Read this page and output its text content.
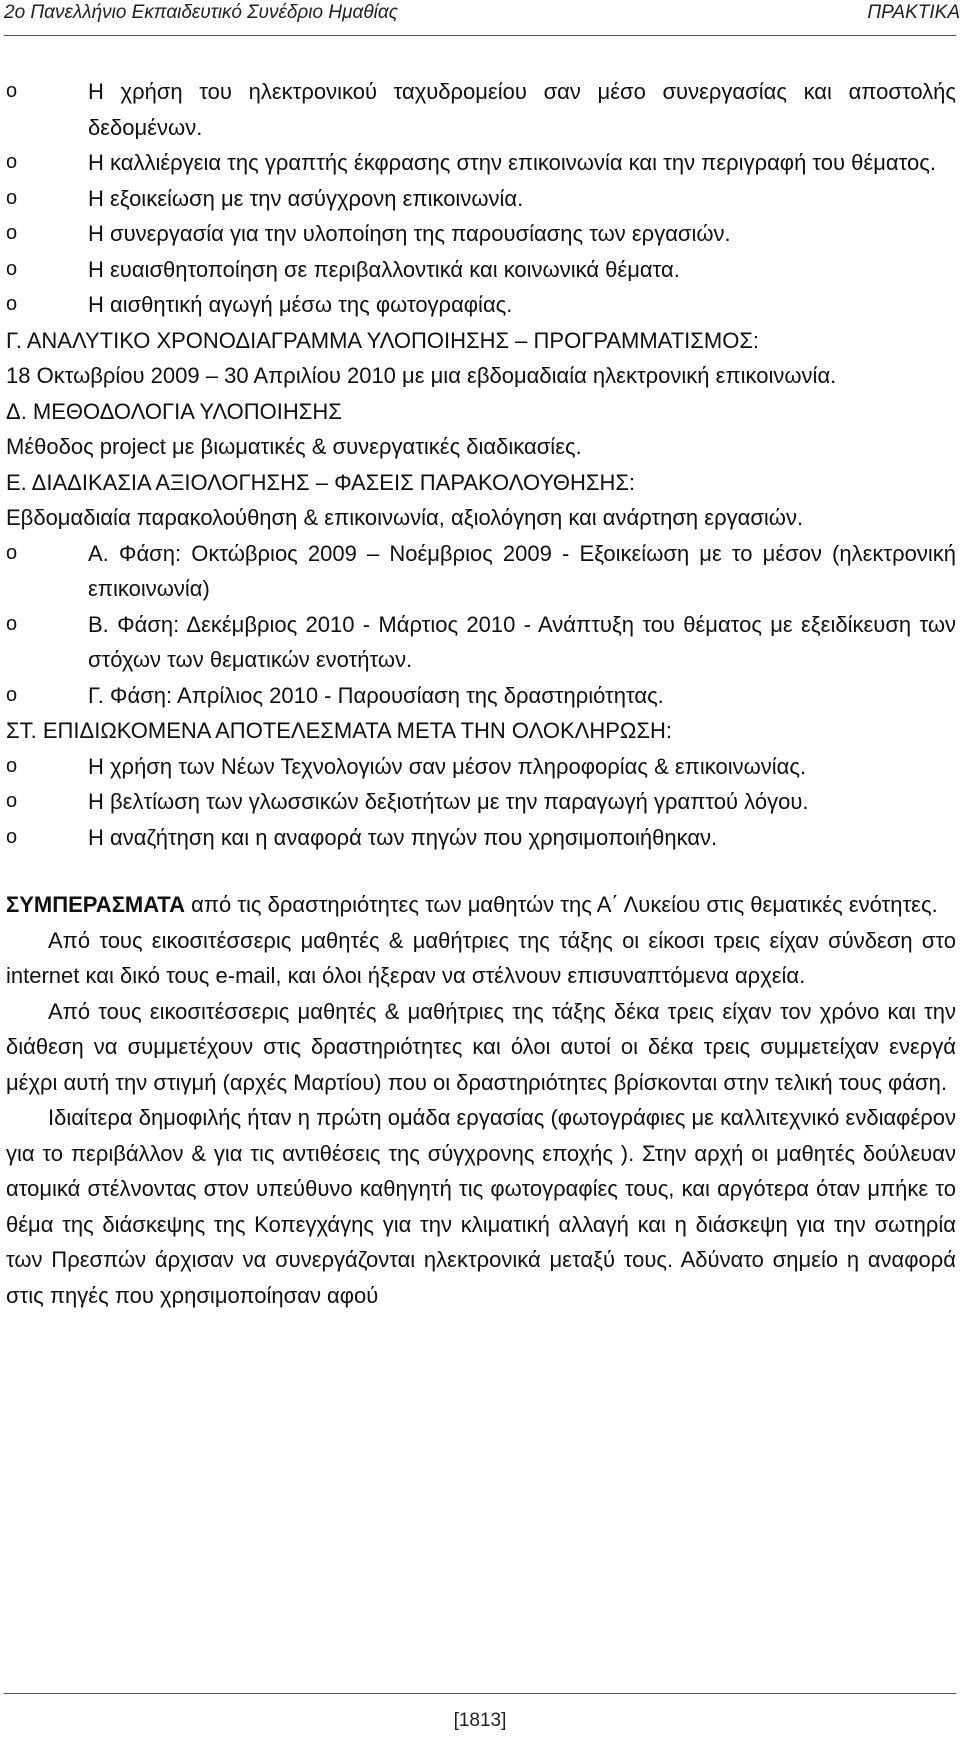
2ο Πανελλήνιο Εκπαιδευτικό Συνέδριο Ημαθίας	ΠΡΑΚΤΙΚΑ
o Η χρήση του ηλεκτρονικού ταχυδρομείου σαν μέσο συνεργασίας και αποστολής δεδομένων.
o Η καλλιέργεια της γραπτής έκφρασης στην επικοινωνία και την περιγραφή του θέματος.
o Η εξοικείωση με την ασύγχρονη επικοινωνία.
o Η συνεργασία για την υλοποίηση της παρουσίασης των εργασιών.
o Η ευαισθητοποίηση σε περιβαλλοντικά και κοινωνικά θέματα.
o Η αισθητική αγωγή μέσω της φωτογραφίας.

Γ. ΑΝΑΛΥΤΙΚΟ ΧΡΟΝΟΔΙΑΓΡΑΜΜΑ ΥΛΟΠΟΙΗΣΗΣ – ΠΡΟΓΡΑΜΜΑΤΙΣΜΟΣ:

18 Οκτωβρίου 2009 – 30 Απριλίου 2010 με μια εβδομαδιαία ηλεκτρονική επικοινωνία.

Δ. ΜΕΘΟΔΟΛΟΓΙΑ ΥΛΟΠΟΙΗΣΗΣ

Μέθοδος project με βιωματικές & συνεργατικές διαδικασίες.

Ε. ΔΙΑΔΙΚΑΣΙΑ ΑΞΙΟΛΟΓΗΣΗΣ – ΦΑΣΕΙΣ ΠΑΡΑΚΟΛΟΥΘΗΣΗΣ:

Εβδομαδιαία παρακολούθηση & επικοινωνία, αξιολόγηση και ανάρτηση εργασιών.

o Α. Φάση: Οκτώβριος 2009 – Νοέμβριος 2009 - Εξοικείωση με το μέσον (ηλεκτρονική επικοινωνία)
o Β. Φάση: Δεκέμβριος 2010 - Μάρτιος 2010 - Ανάπτυξη του θέματος με εξειδίκευση των στόχων των θεματικών ενοτήτων.
o Γ. Φάση: Απρίλιος 2010 - Παρουσίαση της δραστηριότητας.

ΣΤ. ΕΠΙΔΙΩΚΟΜΕΝΑ ΑΠΟΤΕΛΕΣΜΑΤΑ ΜΕΤΑ ΤΗΝ ΟΛΟΚΛΗΡΩΣΗ:

o Η χρήση των Νέων Τεχνολογιών σαν μέσον πληροφορίας & επικοινωνίας.
o Η βελτίωση των γλωσσικών δεξιοτήτων με την παραγωγή γραπτού λόγου.
o Η αναζήτηση και η αναφορά των πηγών που χρησιμοποιήθηκαν.

ΣΥΜΠΕΡΑΣΜΑΤΑ από τις δραστηριότητες των μαθητών της Α΄ Λυκείου στις θεματικές ενότητες.

Από τους εικοσιτέσσερις μαθητές & μαθήτριες της τάξης οι είκοσι τρεις είχαν σύνδεση στο internet και δικό τους e-mail, και όλοι ήξεραν να στέλνουν επισυναπτόμενα αρχεία.

Από τους εικοσιτέσσερις μαθητές & μαθήτριες της τάξης δέκα τρεις είχαν τον χρόνο και την διάθεση να συμμετέχουν στις δραστηριότητες και όλοι αυτοί οι δέκα τρεις συμμετείχαν ενεργά μέχρι αυτή την στιγμή (αρχές Μαρτίου) που οι δραστηριότητες βρίσκονται στην τελική τους φάση.

Ιδιαίτερα δημοφιλής ήταν η πρώτη ομάδα εργασίας (φωτογράφιες με καλλιτεχνικό ενδιαφέρον για το περιβάλλον & για τις αντιθέσεις της σύγχρονης εποχής ). Στην αρχή οι μαθητές δούλευαν ατομικά στέλνοντας στον υπεύθυνο καθηγητή τις φωτογραφίες τους, και αργότερα όταν μπήκε το θέμα της διάσκεψης της Κοπεγχάγης για την κλιματική αλλαγή και η διάσκεψη για την σωτηρία των Πρεσπών άρχισαν να συνεργάζονται ηλεκτρονικά μεταξύ τους. Αδύνατο σημείο η αναφορά στις πηγές που χρησιμοποίησαν αφού

[1813]
